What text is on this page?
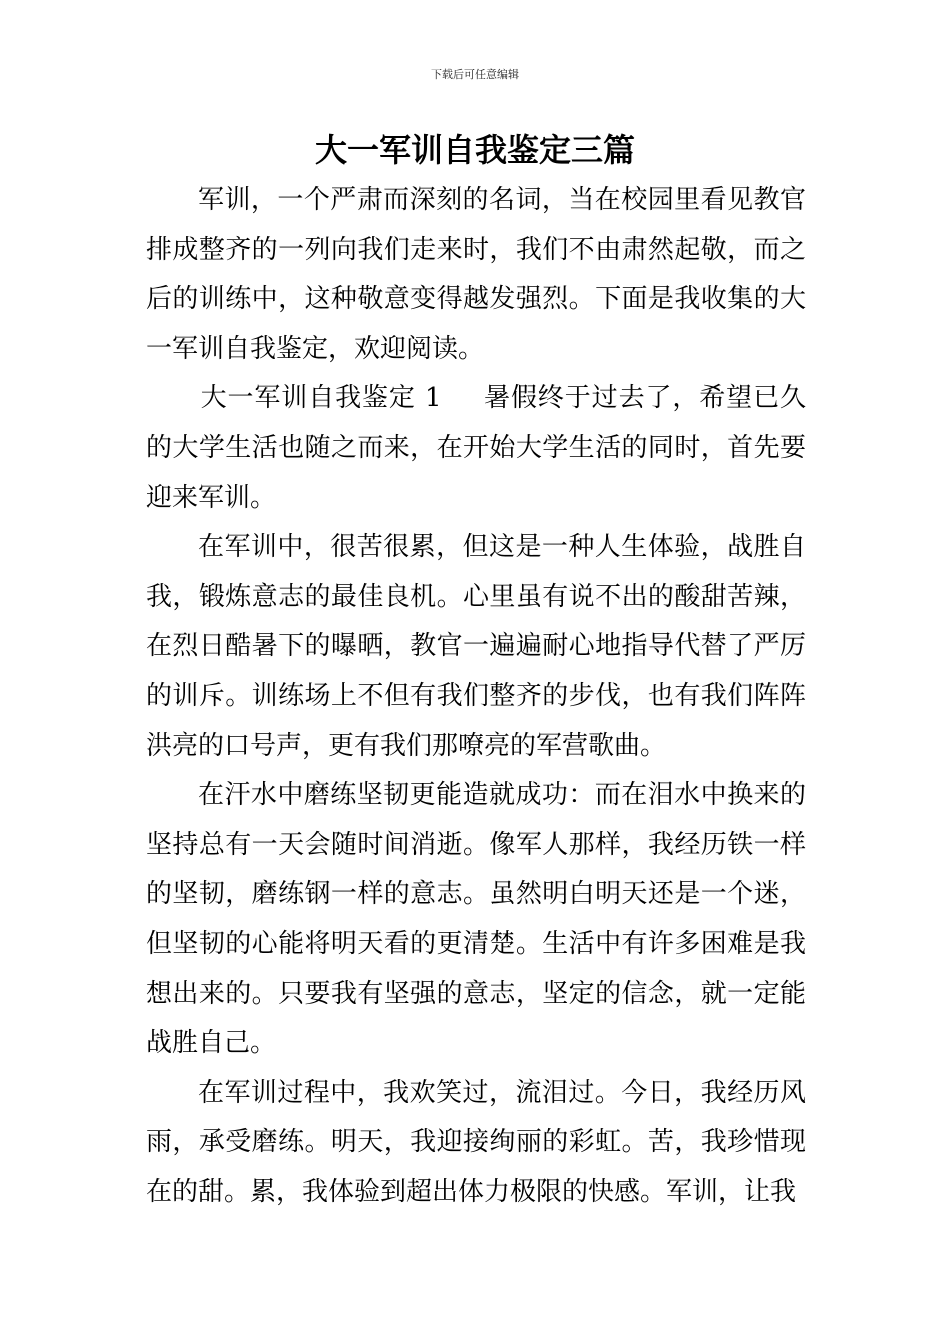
下载后可任意编辑
大一军训自我鉴定三篇

军训，一个严肃而深刻的名词，当在校园里看见教官排成整齐的一列向我们走来时，我们不由肃然起敬，而之后的训练中，这种敬意变得越发强烈。下面是我收集的大一军训自我鉴定，欢迎阅读。

大一军训自我鉴定 1 暑假终于过去了，希望已久的大学生活也随之而来，在开始大学生活的同时，首先要迎来军训。

在军训中，很苦很累，但这是一种人生体验，战胜自我，锻炼意志的最佳良机。心里虽有说不出的酸甜苦辣，在烈日酷暑下的曝晒，教官一遍遍耐心地指导代替了严厉的训斥。训练场上不但有我们整齐的步伐，也有我们阵阵洪亮的口号声，更有我们那嘹亮的军营歌曲。

在汗水中磨练坚韧更能造就成功：而在泪水中换来的坚持总有一天会随时间消逝。像军人那样，我经历铁一样的坚韧，磨练钢一样的意志。虽然明白明天还是一个迷，但坚韧的心能将明天看的更清楚。生活中有许多困难是我想出来的。只要我有坚强的意志，坚定的信念，就一定能战胜自己。

在军训过程中，我欢笑过，流泪过。今日，我经历风雨，承受磨练。明天，我迎接绚丽的彩虹。苦，我珍惜现在的甜。累，我体验到超出体力极限的快感。军训，让我
